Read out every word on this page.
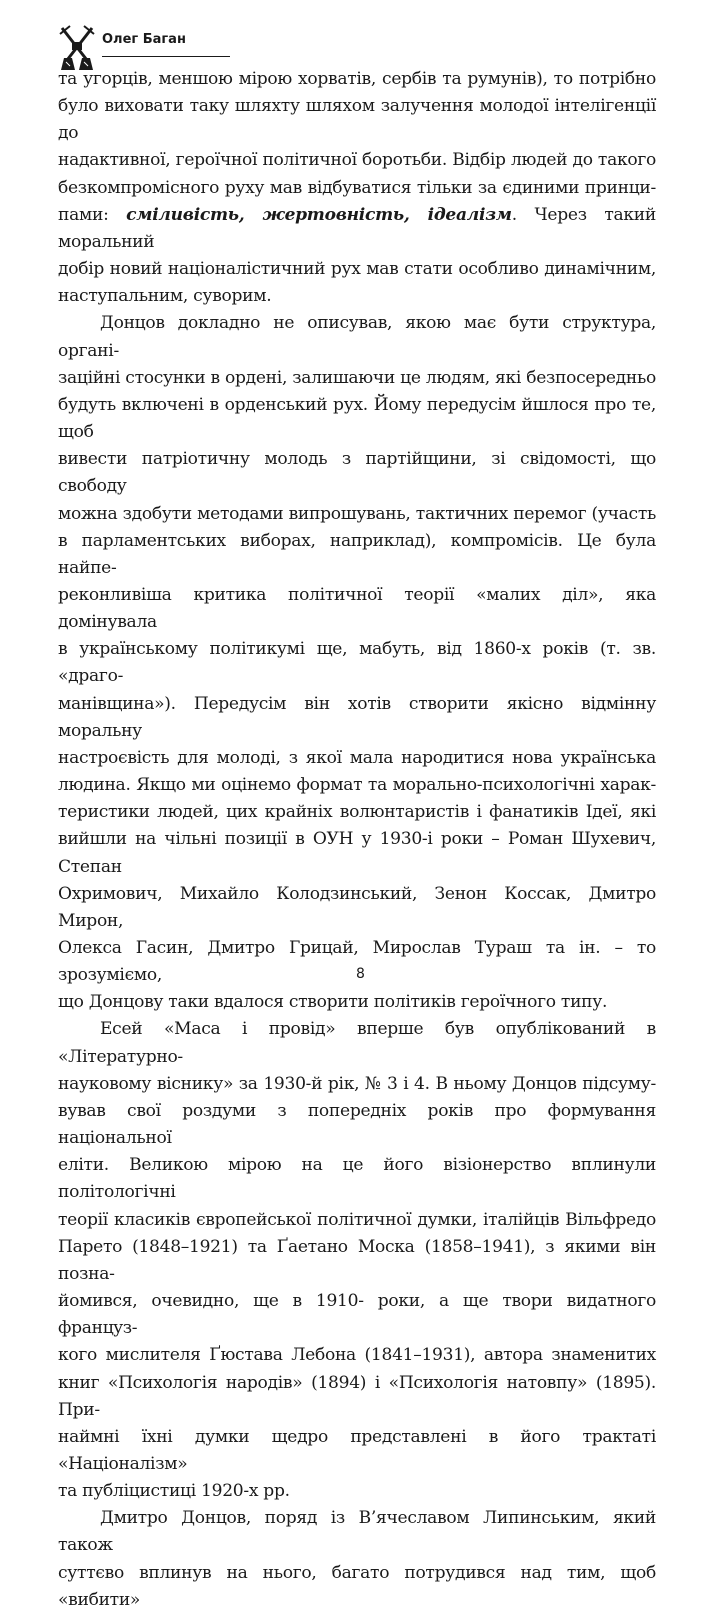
Олег Баган

та угорців, меншою мірою хорватів, сербів та румунів), то потрібно
було виховати таку шляхту шляхом залучення молодої інтелігенції до
надактивної, героїчної політичної боротьби. Відбір людей до такого
безкомпромісного руху мав відбуватися тільки за єдиними принци-
пами: сміливість, жертовність, ідеалізм. Через такий моральний
добір новий націоналістичний рух мав стати особливо динамічним,
наступальним, суворим.

Донцов докладно не описував, якою має бути структура, органі-
заційні стосунки в ордені, залишаючи це людям, які безпосередньо
будуть включені в орденський рух. Йому передусім йшлося про те, щоб
вивести патріотичну молодь з партійщини, зі свідомості, що свободу
можна здобути методами випрошувань, тактичних перемог (участь
в парламентських виборах, наприклад), компромісів. Це була найпе-
реконливіша критика політичної теорії «малих діл», яка домінувала
в українському політикумі ще, мабуть, від 1860-х років (т. зв. «драго-
манівщина»). Передусім він хотів створити якісно відмінну моральну
настроєвість для молоді, з якої мала народитися нова українська
людина. Якщо ми оцінемо формат та морально-психологічні харак-
теристики людей, цих крайніх волюнтаристів і фанатиків Ідеї, які
вийшли на чільні позиції в ОУН у 1930-і роки – Роман Шухевич, Степан
Охримович, Михайло Колодзинський, Зенон Коссак, Дмитро Мирон,
Олекса Гасин, Дмитро Грицай, Мирослав Тураш та ін. – то зрозуміємо,
що Донцову таки вдалося створити політиків героїчного типу.

Есей «Маса і провід» вперше був опублікований в «Літературно-
науковому віснику» за 1930-й рік, № 3 і 4. В ньому Донцов підсуму-
вував свої роздуми з попередніх років про формування національної
еліти. Великою мірою на це його візіонерство вплинули політологічні
теорії класиків європейської політичної думки, італійців Вільфредо
Парето (1848–1921) та Ґаетано Моска (1858–1941), з якими він позна-
йомився, очевидно, ще в 1910- роки, а ще твори видатного францyз-
кого мислителя Ґюстава Лебона (1841–1931), автора знаменитих
книг «Психологія народів» (1894) і «Психологія натовпу» (1895). При-
наймні їхні думки щедро представлені в його трактаті «Націоналізм»
та публіцистиці 1920-х рр.

Дмитро Донцов, поряд із В’ячеславом Липинським, який також
суттєво вплинув на нього, багато потрудився над тим, щоб «вибити»

8
